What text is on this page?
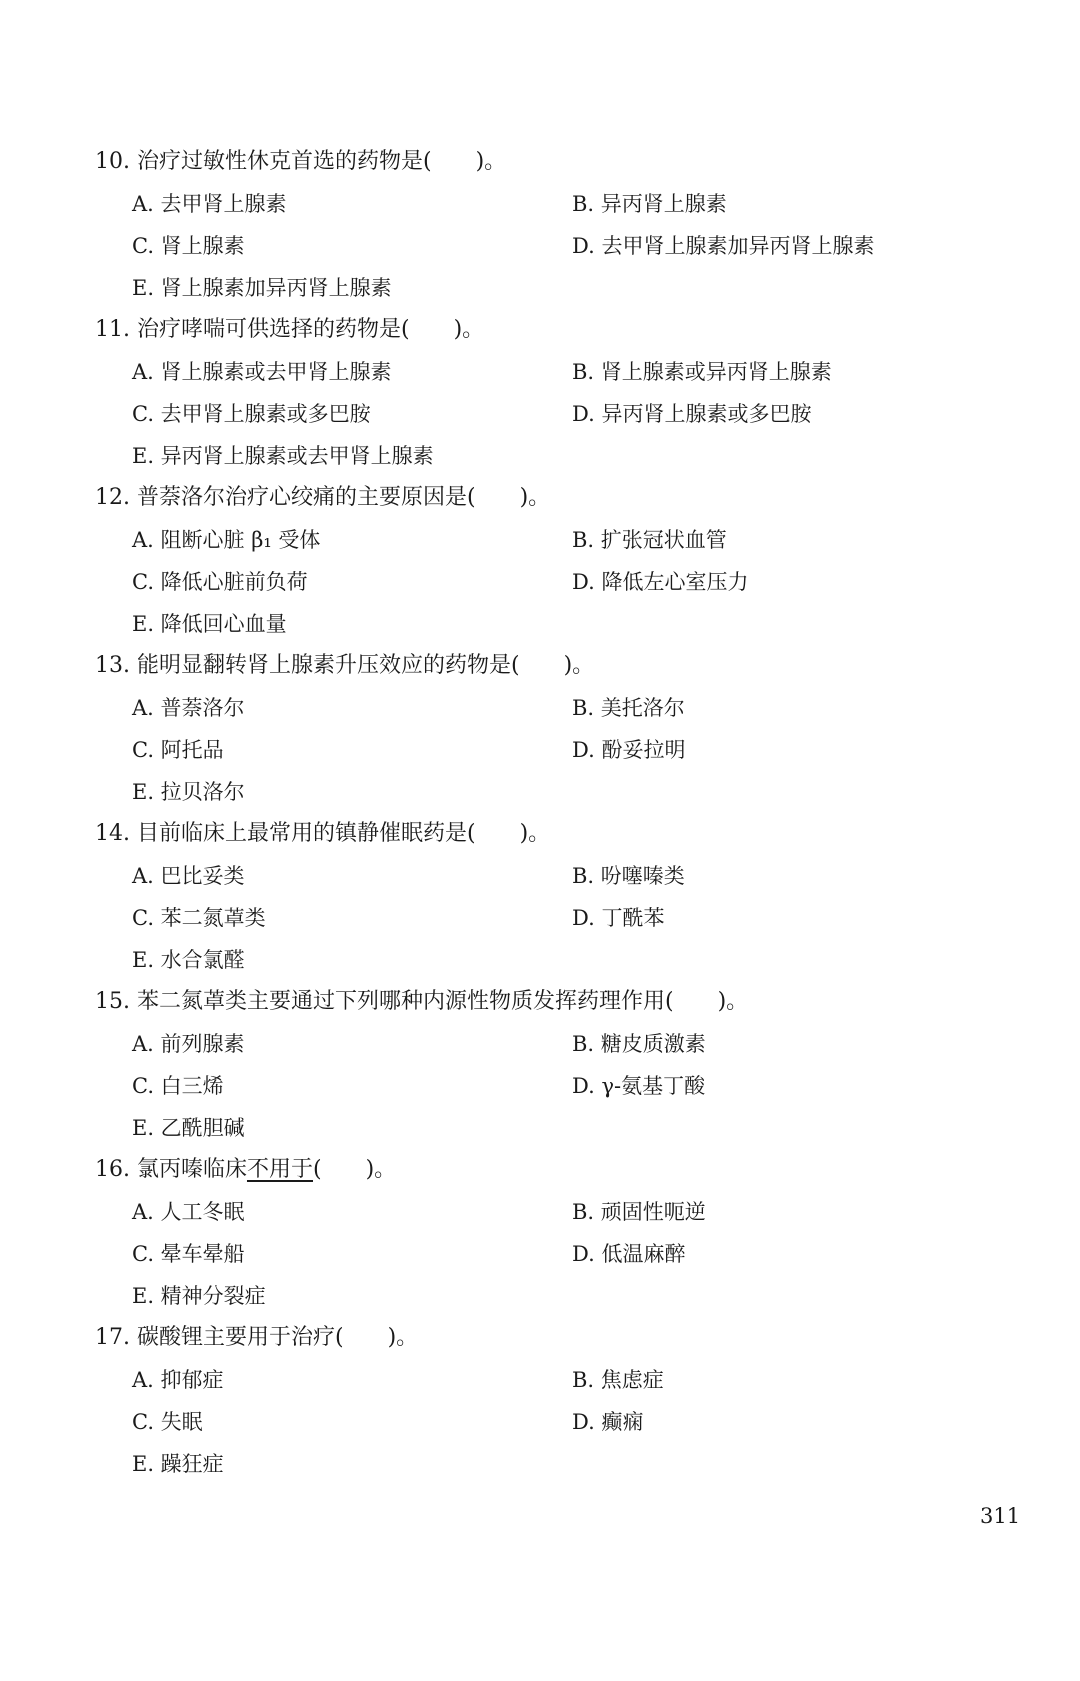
10. 治疗过敏性休克首选的药物是(　　)。
A. 去甲肾上腺素	B. 异丙肾上腺素
C. 肾上腺素	D. 去甲肾上腺素加异丙肾上腺素
E. 肾上腺素加异丙肾上腺素
11. 治疗哮喘可供选择的药物是(　　)。
A. 肾上腺素或去甲肾上腺素	B. 肾上腺素或异丙肾上腺素
C. 去甲肾上腺素或多巴胺	D. 异丙肾上腺素或多巴胺
E. 异丙肾上腺素或去甲肾上腺素
12. 普萘洛尔治疗心绞痛的主要原因是(　　)。
A. 阻断心脏 β₁ 受体	B. 扩张冠状血管
C. 降低心脏前负荷	D. 降低左心室压力
E. 降低回心血量
13. 能明显翻转肾上腺素升压效应的药物是(　　)。
A. 普萘洛尔	B. 美托洛尔
C. 阿托品	D. 酚妥拉明
E. 拉贝洛尔
14. 目前临床上最常用的镇静催眠药是(　　)。
A. 巴比妥类	B. 吩噻嗪类
C. 苯二氮䓬类	D. 丁酰苯
E. 水合氯醛
15. 苯二氮䓬类主要通过下列哪种内源性物质发挥药理作用(　　)。
A. 前列腺素	B. 糖皮质激素
C. 白三烯	D. γ-氨基丁酸
E. 乙酰胆碱
16. 氯丙嗪临床不用于(　　)。
A. 人工冬眠	B. 顽固性呃逆
C. 晕车晕船	D. 低温麻醉
E. 精神分裂症
17. 碳酸锂主要用于治疗(　　)。
A. 抑郁症	B. 焦虑症
C. 失眠	D. 癫痫
E. 躁狂症
311
